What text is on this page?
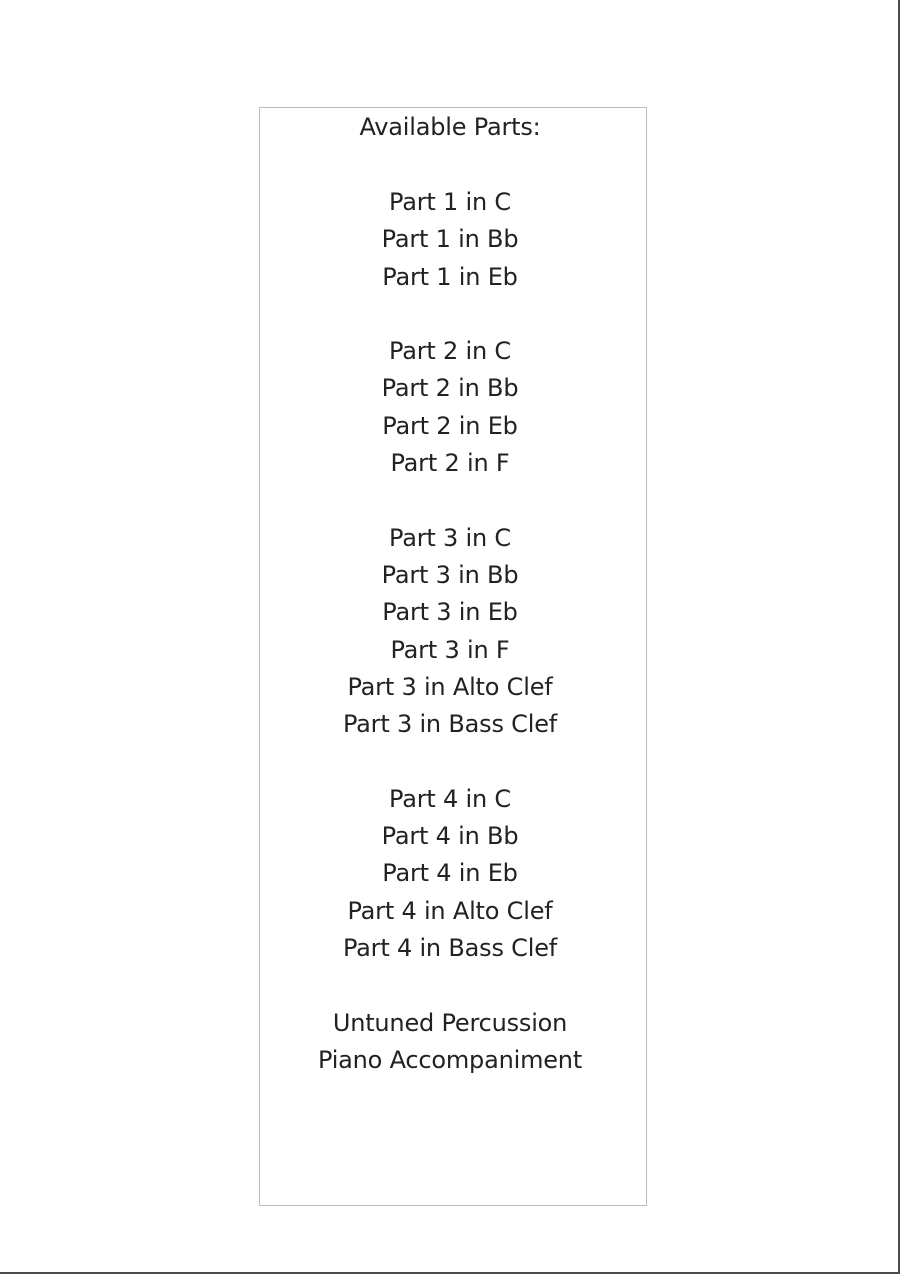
Available Parts:
Part 1 in C
Part 1 in Bb
Part 1 in Eb
Part 2 in C
Part 2 in Bb
Part 2 in Eb
Part 2 in F
Part 3 in C
Part 3 in Bb
Part 3 in Eb
Part 3 in F
Part 3 in Alto Clef
Part 3 in Bass Clef
Part 4 in C
Part 4 in Bb
Part 4 in Eb
Part 4 in Alto Clef
Part 4 in Bass Clef
Untuned Percussion
Piano Accompaniment
